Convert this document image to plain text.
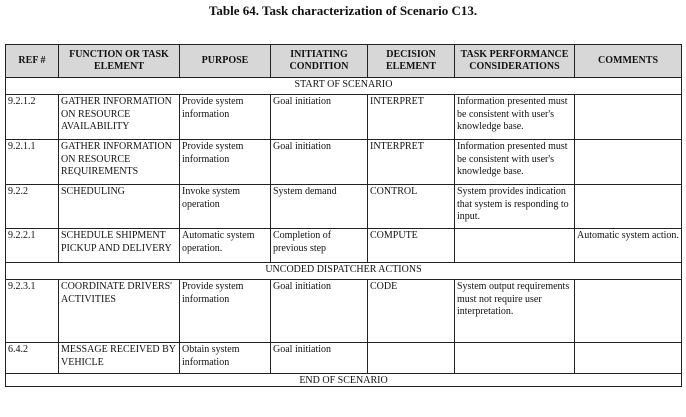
Table 64. Task characterization of Scenario C13.
REF #	FUNCTION OR TASK ELEMENT	PURPOSE	INITIATING CONDITION	DECISION ELEMENT	TASK PERFORMANCE CONSIDERATIONS	COMMENTS
START OF SCENARIO						
9.2.1.2	GATHER INFORMATION ON RESOURCE AVAILABILITY	Provide system information	Goal initiation	INTERPRET	Information presented must be consistent with user's knowledge base.	
9.2.1.1	GATHER INFORMATION ON RESOURCE REQUIREMENTS	Provide system information	Goal initiation	INTERPRET	Information presented must be consistent with user's knowledge base.	
9.2.2	SCHEDULING	Invoke system operation	System demand	CONTROL	System provides indication that system is responding to input.	
9.2.2.1	SCHEDULE SHIPMENT PICKUP AND DELIVERY	Automatic system operation.	Completion of previous step	COMPUTE		Automatic system action.
UNCODED DISPATCHER ACTIONS						
9.2.3.1	COORDINATE DRIVERS' ACTIVITIES	Provide system information	Goal initiation	CODE	System output requirements must not require user interpretation.	
6.4.2	MESSAGE RECEIVED BY VEHICLE	Obtain system information	Goal initiation			
END OF SCENARIO						
